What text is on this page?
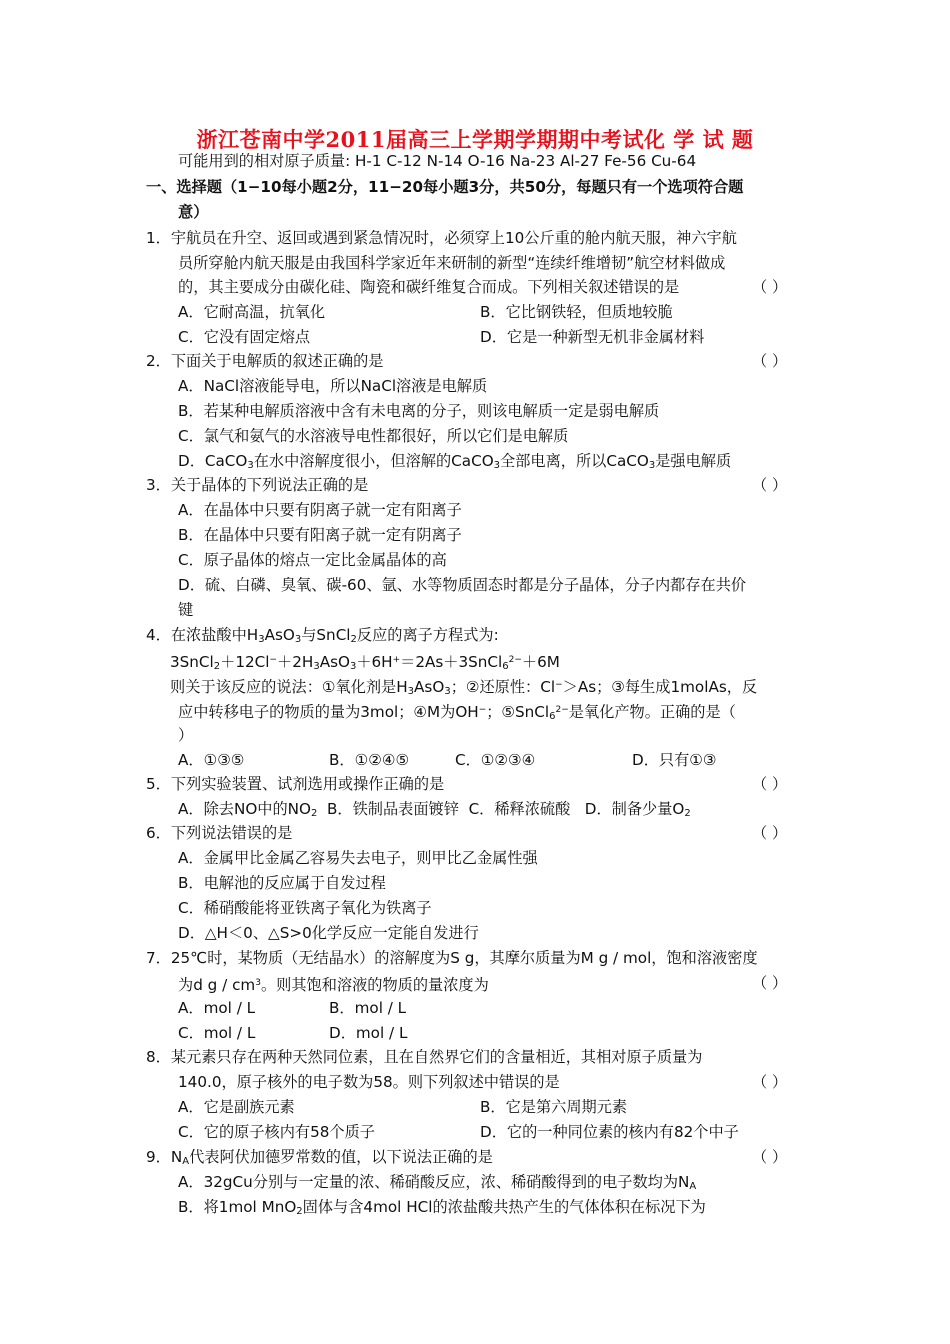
浙江苍南中学2011届高三上学期学期期中考试化 学 试 题
可能用到的相对原子质量: H-1 C-12 N-14 O-16 Na-23 Al-27 Fe-56 Cu-64
一、选择题（1−10每小题2分，11−20每小题3分，共50分，每题只有一个选项符合题
意）
1．宇航员在升空、返回或遇到紧急情况时，必须穿上10公斤重的舱内航天服，神六宇航
员所穿舱内航天服是由我国科学家近年来研制的新型“连续纤维增韧”航空材料做成
的，其主要成分由碳化硅、陶瓷和碳纤维复合而成。下列相关叙述错误的是	（ ）
A．它耐高温，抗氧化	B．它比钢铁轻，但质地较脆
C．它没有固定熔点	D．它是一种新型无机非金属材料
2．下面关于电解质的叙述正确的是	（ ）
A．NaCl溶液能导电，所以NaCl溶液是电解质
B．若某种电解质溶液中含有未电离的分子，则该电解质一定是弱电解质
C．氯气和氨气的水溶液导电性都很好，所以它们是电解质
D．CaCO$_3$在水中溶解度很小，但溶解的CaCO$_3$全部电离，所以CaCO$_3$是强电解质
3．关于晶体的下列说法正确的是	（ ）
A．在晶体中只要有阴离子就一定有阳离子
B．在晶体中只要有阳离子就一定有阴离子
C．原子晶体的熔点一定比金属晶体的高
D．硫、白磷、臭氧、碳-60、氩、水等物质固态时都是分子晶体，分子内都存在共价
键
4．在浓盐酸中$H_3AsO_3$与SnCl$_2$反应的离子方程式为:
$3SnCl_2+12Cl^-+2H_3AsO_3+6H^+=2As+3SnCl_6^{2-}+6M$
则关于该反应的说法：①氧化剂是$H_3AsO_3$；②还原性：Cl−＞As；③每生成1molAs，反
应中转移电子的物质的量为3mol；④M为OH−；⑤SnCl$_6^{2-}$是氧化产物。正确的是（
）
A．①③⑤	B．①②④⑤	C．①②③④	D．只有①③
5．下列实验装置、试剂选用或操作正确的是	（ ）
A．除去NO中的$NO_2$  B．铁制品表面镀锌  C．稀释浓硫酸   D．制备少量$O_2$
6．下列说法错误的是	（ ）
A．金属甲比金属乙容易失去电子，则甲比乙金属性强
B．电解池的反应属于自发过程
C．稀硝酸能将亚铁离子氧化为铁离子
D．△H＜0、△S>0化学反应一定能自发进行
7．25℃时，某物质（无结晶水）的溶解度为S g，其摩尔质量为M g / mol，饱和溶液密度
为d g / $cm^3$。则其饱和溶液的物质的量浓度为	（ ）
A．mol / L	B．mol / L
C．mol / L	D．mol / L
8．某元素只存在两种天然同位素，且在自然界它们的含量相近，其相对原子质量为
140.0，原子核外的电子数为58。则下列叙述中错误的是	（ ）
A．它是副族元素	B．它是第六周期元素
C．它的原子核内有58个质子	D．它的一种同位素的核内有82个中子
9．$N_A$代表阿伏加德罗常数的值，以下说法正确的是	（ ）
A．32gCu分别与一定量的浓、稀硝酸反应，浓、稀硝酸得到的电子数均为$N_A$
B．将1mol MnO$_2$固体与含4mol HCl的浓盐酸共热产生的气体体积在标况下为
